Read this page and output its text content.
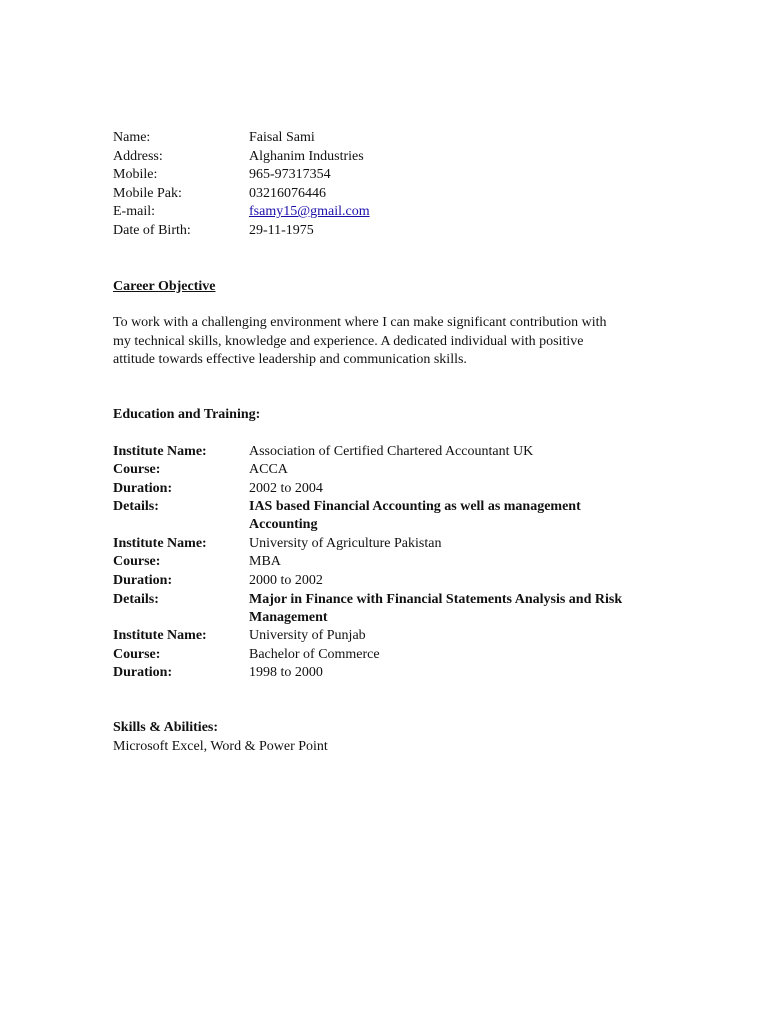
Name:	Faisal Sami
Address:	Alghanim Industries
Mobile:	965-97317354
Mobile Pak:	03216076446
E-mail:	fsamy15@gmail.com
Date of Birth:	29-11-1975
Career Objective
To work with a challenging environment where I can make significant contribution with
my technical skills, knowledge and experience. A dedicated individual with positive
attitude towards effective leadership and communication skills.
Education and Training:
Institute Name:	Association of Certified Chartered Accountant UK
Course:	ACCA
Duration:	2002 to 2004
Details:	IAS based Financial Accounting as well as management
Accounting
Institute Name:	University of Agriculture Pakistan
Course:	MBA
Duration:	2000 to 2002
Details:	Major in Finance with Financial Statements Analysis and Risk
Management
Institute Name:	University of Punjab
Course:	Bachelor of Commerce
Duration:	1998 to 2000
Skills & Abilities:
Microsoft Excel, Word & Power Point
